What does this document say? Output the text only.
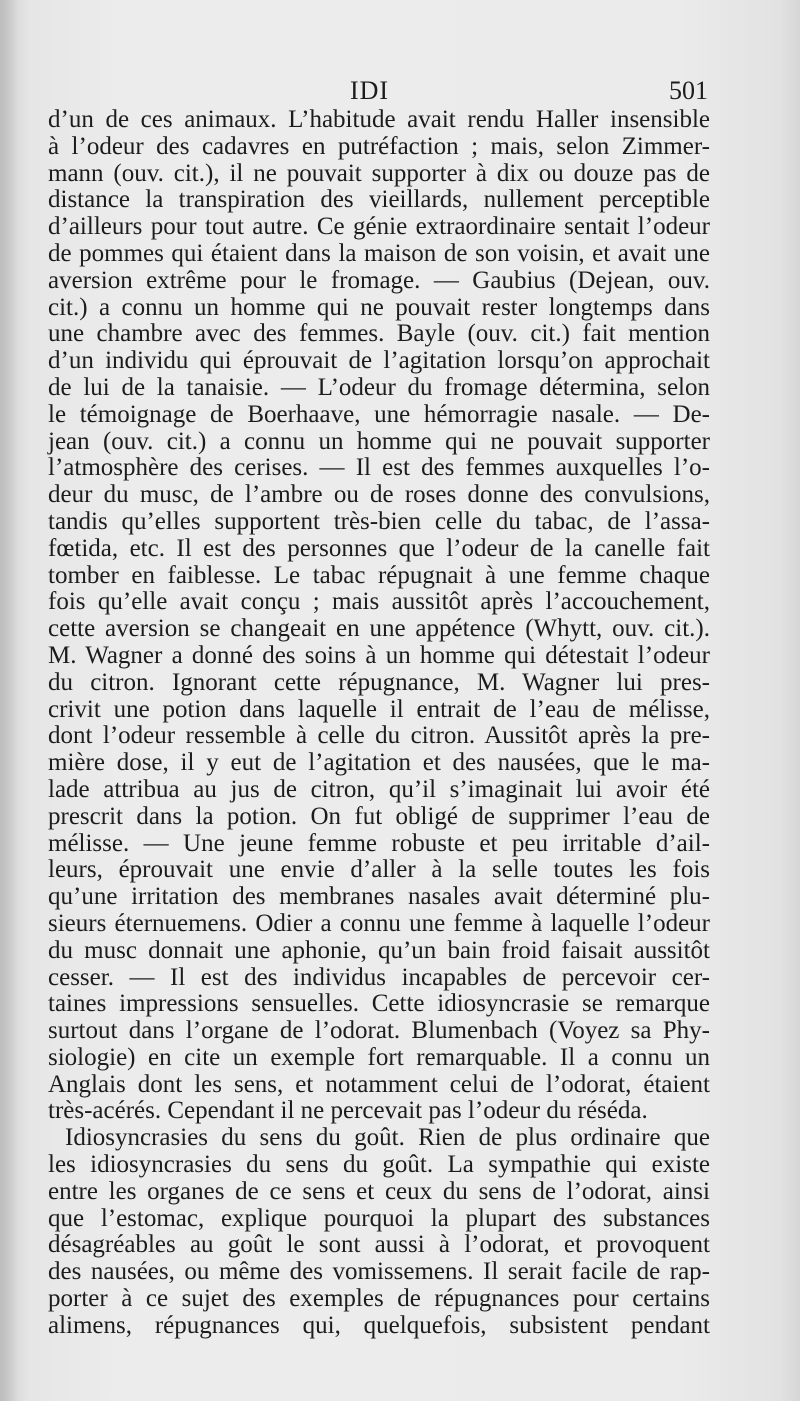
IDI	501
d’un de ces animaux. L’habitude avait rendu Haller insensible
à l’odeur des cadavres en putréfaction ; mais, selon Zimmer-
mann (ouv. cit.), il ne pouvait supporter à dix ou douze pas de
distance la transpiration des vieillards, nullement perceptible
d’ailleurs pour tout autre. Ce génie extraordinaire sentait l’odeur
de pommes qui étaient dans la maison de son voisin, et avait une
aversion extrême pour le fromage. — Gaubius (Dejean, ouv.
cit.) a connu un homme qui ne pouvait rester longtemps dans
une chambre avec des femmes. Bayle (ouv. cit.) fait mention
d’un individu qui éprouvait de l’agitation lorsqu’on approchait
de lui de la tanaisie. — L’odeur du fromage détermina, selon
le témoignage de Boerhaave, une hémorragie nasale. — De-
jean (ouv. cit.) a connu un homme qui ne pouvait supporter
l’atmosphère des cerises. — Il est des femmes auxquelles l’o-
deur du musc, de l’ambre ou de roses donne des convulsions,
tandis qu’elles supportent très-bien celle du tabac, de l’assa-
fœtida, etc. Il est des personnes que l’odeur de la canelle fait
tomber en faiblesse. Le tabac répugnait à une femme chaque
fois qu’elle avait conçu ; mais aussitôt après l’accouchement,
cette aversion se changeait en une appétence (Whytt, ouv. cit.).
M. Wagner a donné des soins à un homme qui détestait l’odeur
du citron. Ignorant cette répugnance, M. Wagner lui pres-
crivit une potion dans laquelle il entrait de l’eau de mélisse,
dont l’odeur ressemble à celle du citron. Aussitôt après la pre-
mière dose, il y eut de l’agitation et des nausées, que le ma-
lade attribua au jus de citron, qu’il s’imaginait lui avoir été
prescrit dans la potion. On fut obligé de supprimer l’eau de
mélisse. — Une jeune femme robuste et peu irritable d’ail-
leurs, éprouvait une envie d’aller à la selle toutes les fois
qu’une irritation des membranes nasales avait déterminé plu-
sieurs éternuemens. Odier a connu une femme à laquelle l’odeur
du musc donnait une aphonie, qu’un bain froid faisait aussitôt
cesser. — Il est des individus incapables de percevoir cer-
taines impressions sensuelles. Cette idiosyncrasie se remarque
surtout dans l’organe de l’odorat. Blumenbach (Voyez sa Phy-
siologie) en cite un exemple fort remarquable. Il a connu un
Anglais dont les sens, et notamment celui de l’odorat, étaient
très-acérés. Cependant il ne percevait pas l’odeur du réséda.
Idiosyncrasies du sens du goût. Rien de plus ordinaire que
les idiosyncrasies du sens du goût. La sympathie qui existe
entre les organes de ce sens et ceux du sens de l’odorat, ainsi
que l’estomac, explique pourquoi la plupart des substances
désagréables au goût le sont aussi à l’odorat, et provoquent
des nausées, ou même des vomissemens. Il serait facile de rap-
porter à ce sujet des exemples de répugnances pour certains
alimens, répugnances qui, quelquefois, subsistent pendant
